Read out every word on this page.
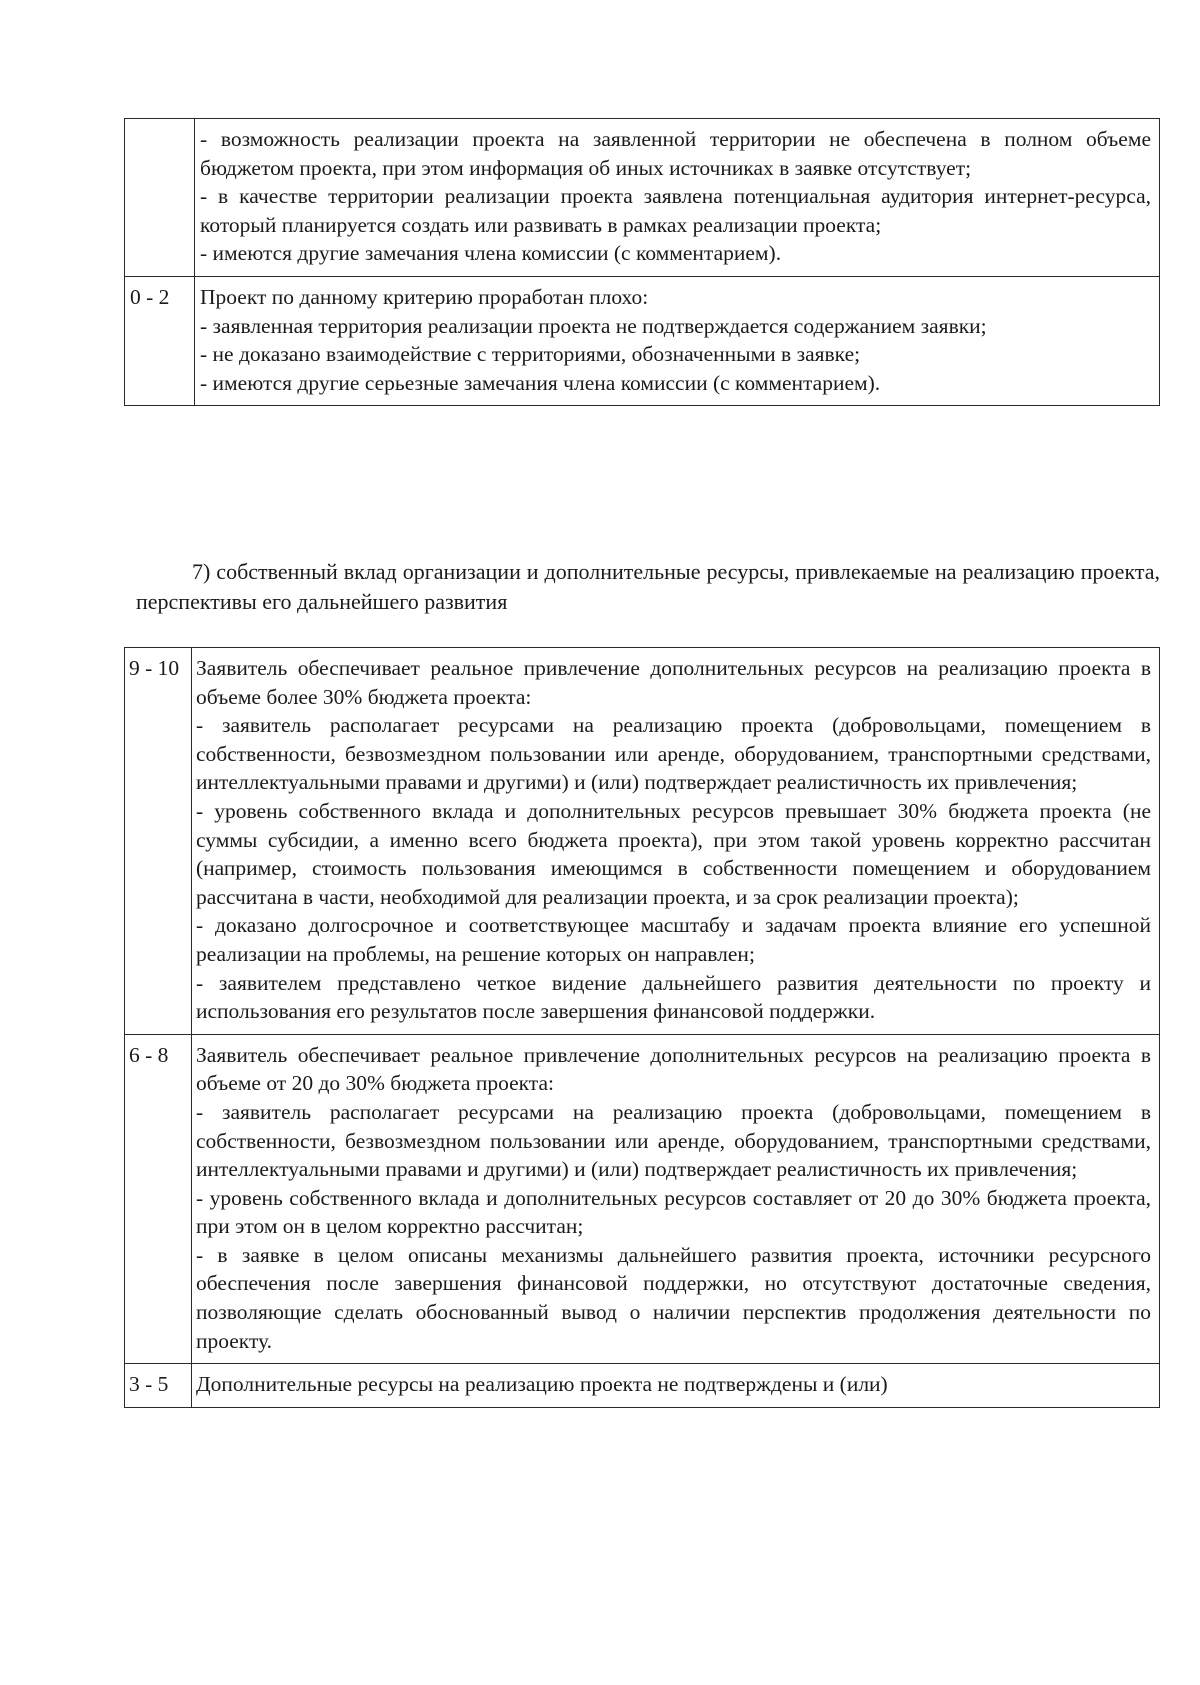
	- возможность реализации проекта на заявленной территории не обеспечена в полном объеме бюджетом проекта, при этом информация об иных источниках в заявке отсутствует;

- в качестве территории реализации проекта заявлена потенциальная аудитория интернет-ресурса, который планируется создать или развивать в рамках реализации проекта;

- имеются другие замечания члена комиссии (с комментарием).

0 - 2	Проект по данному критерию проработан плохо:

- заявленная территория реализации проекта не подтверждается содержанием заявки;

- не доказано взаимодействие с территориями, обозначенными в заявке;

- имеются другие серьезные замечания члена комиссии (с комментарием).

7) собственный вклад организации и дополнительные ресурсы, привлекаемые на реализацию проекта, перспективы его дальнейшего развития

9 - 10	Заявитель обеспечивает реальное привлечение дополнительных ресурсов на реализацию проекта в объеме более 30% бюджета проекта:

- заявитель располагает ресурсами на реализацию проекта (добровольцами, помещением в собственности, безвозмездном пользовании или аренде, оборудованием, транспортными средствами, интеллектуальными правами и другими) и (или) подтверждает реалистичность их привлечения;

- уровень собственного вклада и дополнительных ресурсов превышает 30% бюджета проекта (не суммы субсидии, а именно всего бюджета проекта), при этом такой уровень корректно рассчитан (например, стоимость пользования имеющимся в собственности помещением и оборудованием рассчитана в части, необходимой для реализации проекта, и за срок реализации проекта);

- доказано долгосрочное и соответствующее масштабу и задачам проекта влияние его успешной реализации на проблемы, на решение которых он направлен;

- заявителем представлено четкое видение дальнейшего развития деятельности по проекту и использования его результатов после завершения финансовой поддержки.

6 - 8	Заявитель обеспечивает реальное привлечение дополнительных ресурсов на реализацию проекта в объеме от 20 до 30% бюджета проекта:

- заявитель располагает ресурсами на реализацию проекта (добровольцами, помещением в собственности, безвозмездном пользовании или аренде, оборудованием, транспортными средствами, интеллектуальными правами и другими) и (или) подтверждает реалистичность их привлечения;

- уровень собственного вклада и дополнительных ресурсов составляет от 20 до 30% бюджета проекта, при этом он в целом корректно рассчитан;

- в заявке в целом описаны механизмы дальнейшего развития проекта, источники ресурсного обеспечения после завершения финансовой поддержки, но отсутствуют достаточные сведения, позволяющие сделать обоснованный вывод о наличии перспектив продолжения деятельности по проекту.

3 - 5	Дополнительные ресурсы на реализацию проекта не подтверждены и (или)
